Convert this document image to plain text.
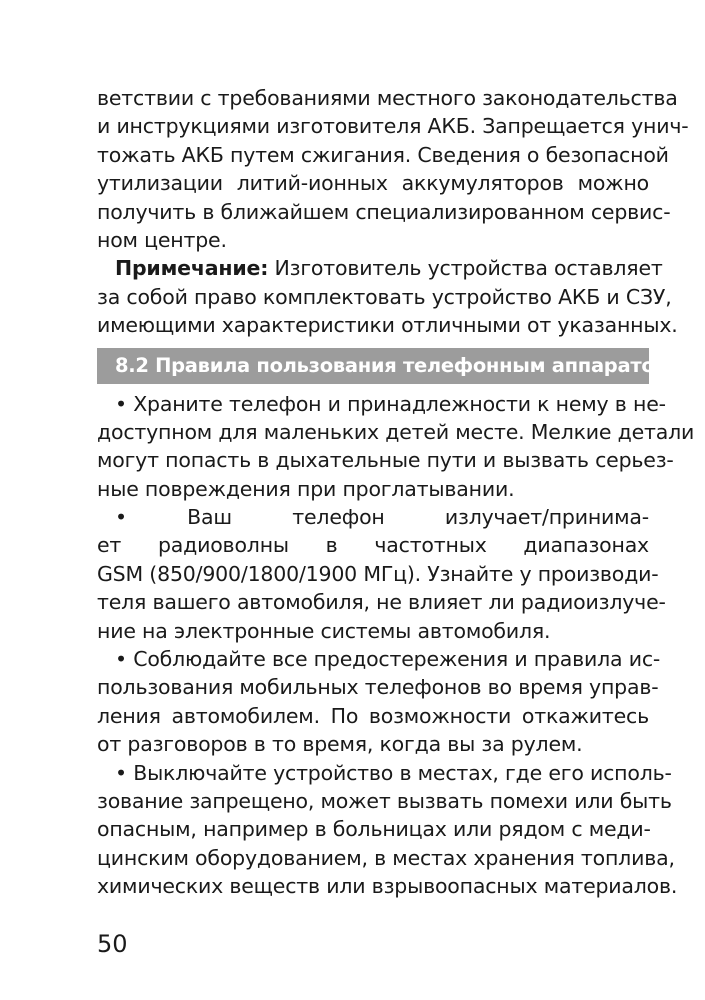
ветствии с требованиями местного законодательства
и инструкциями изготовителя АКБ. Запрещается унич-
тожать АКБ путем сжигания. Сведения о безопасной
утилизации литий-ионных аккумуляторов можно
получить в ближайшем специализированном сервис-
ном центре.
Примечание: Изготовитель устройства оставляет
за собой право комплектовать устройство АКБ и СЗУ,
имеющими характеристики отличными от указанных.
8.2 Правила пользования телефонным аппаратом
• Храните телефон и принадлежности к нему в не-
доступном для маленьких детей месте. Мелкие детали
могут попасть в дыхательные пути и вызвать серьез-
ные повреждения при проглатывании.
• Ваш телефон излучает/принима-
ет радиоволны в частотных диапазонах
GSM (850/900/1800/1900 МГц). Узнайте у производи-
теля вашего автомобиля, не влияет ли радиоизлуче-
ние на электронные системы автомобиля.
• Соблюдайте все предостережения и правила ис-
пользования мобильных телефонов во время управ-
ления автомобилем. По возможности откажитесь
от разговоров в то время, когда вы за рулем.
• Выключайте устройство в местах, где его исполь-
зование запрещено, может вызвать помехи или быть
опасным, например в больницах или рядом с меди-
цинским оборудованием, в местах хранения топлива,
химических веществ или взрывоопасных материалов.
50
